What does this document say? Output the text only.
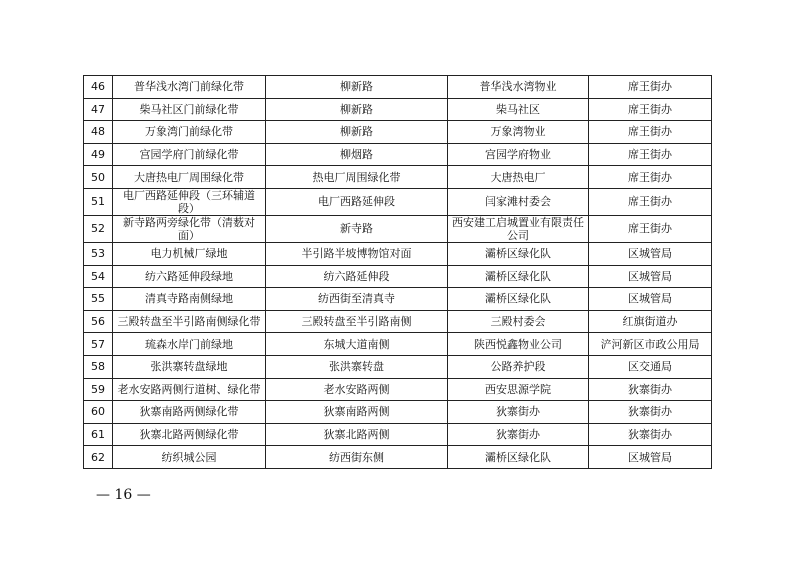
46	普华浅水湾门前绿化带	柳新路	普华浅水湾物业	席王街办
47	柴马社区门前绿化带	柳新路	柴马社区	席王街办
48	万象湾门前绿化带	柳新路	万象湾物业	席王街办
49	宫园学府门前绿化带	柳烟路	宫园学府物业	席王街办
50	大唐热电厂周围绿化带	热电厂周围绿化带	大唐热电厂	席王街办
51	电厂西路延伸段（三环辅道段）	电厂西路延伸段	闫家滩村委会	席王街办
52	新寺路两旁绿化带（清薮对面）	新寺路	西安建工启城置业有限责任公司	席王街办
53	电力机械厂绿地	半引路半坡博物馆对面	灞桥区绿化队	区城管局
54	纺六路延伸段绿地	纺六路延伸段	灞桥区绿化队	区城管局
55	清真寺路南侧绿地	纺西街至清真寺	灞桥区绿化队	区城管局
56	三殿转盘至半引路南侧绿化带	三殿转盘至半引路南侧	三殿村委会	红旗街道办
57	琉森水岸门前绿地	东城大道南侧	陕西悦鑫物业公司	浐河新区市政公用局
58	张洪寨转盘绿地	张洪寨转盘	公路养护段	区交通局
59	老水安路两侧行道树、绿化带	老水安路两侧	西安思源学院	狄寨街办
60	狄寨南路两侧绿化带	狄寨南路两侧	狄寨街办	狄寨街办
61	狄寨北路两侧绿化带	狄寨北路两侧	狄寨街办	狄寨街办
62	纺织城公园	纺西街东侧	灞桥区绿化队	区城管局
— 16 —
